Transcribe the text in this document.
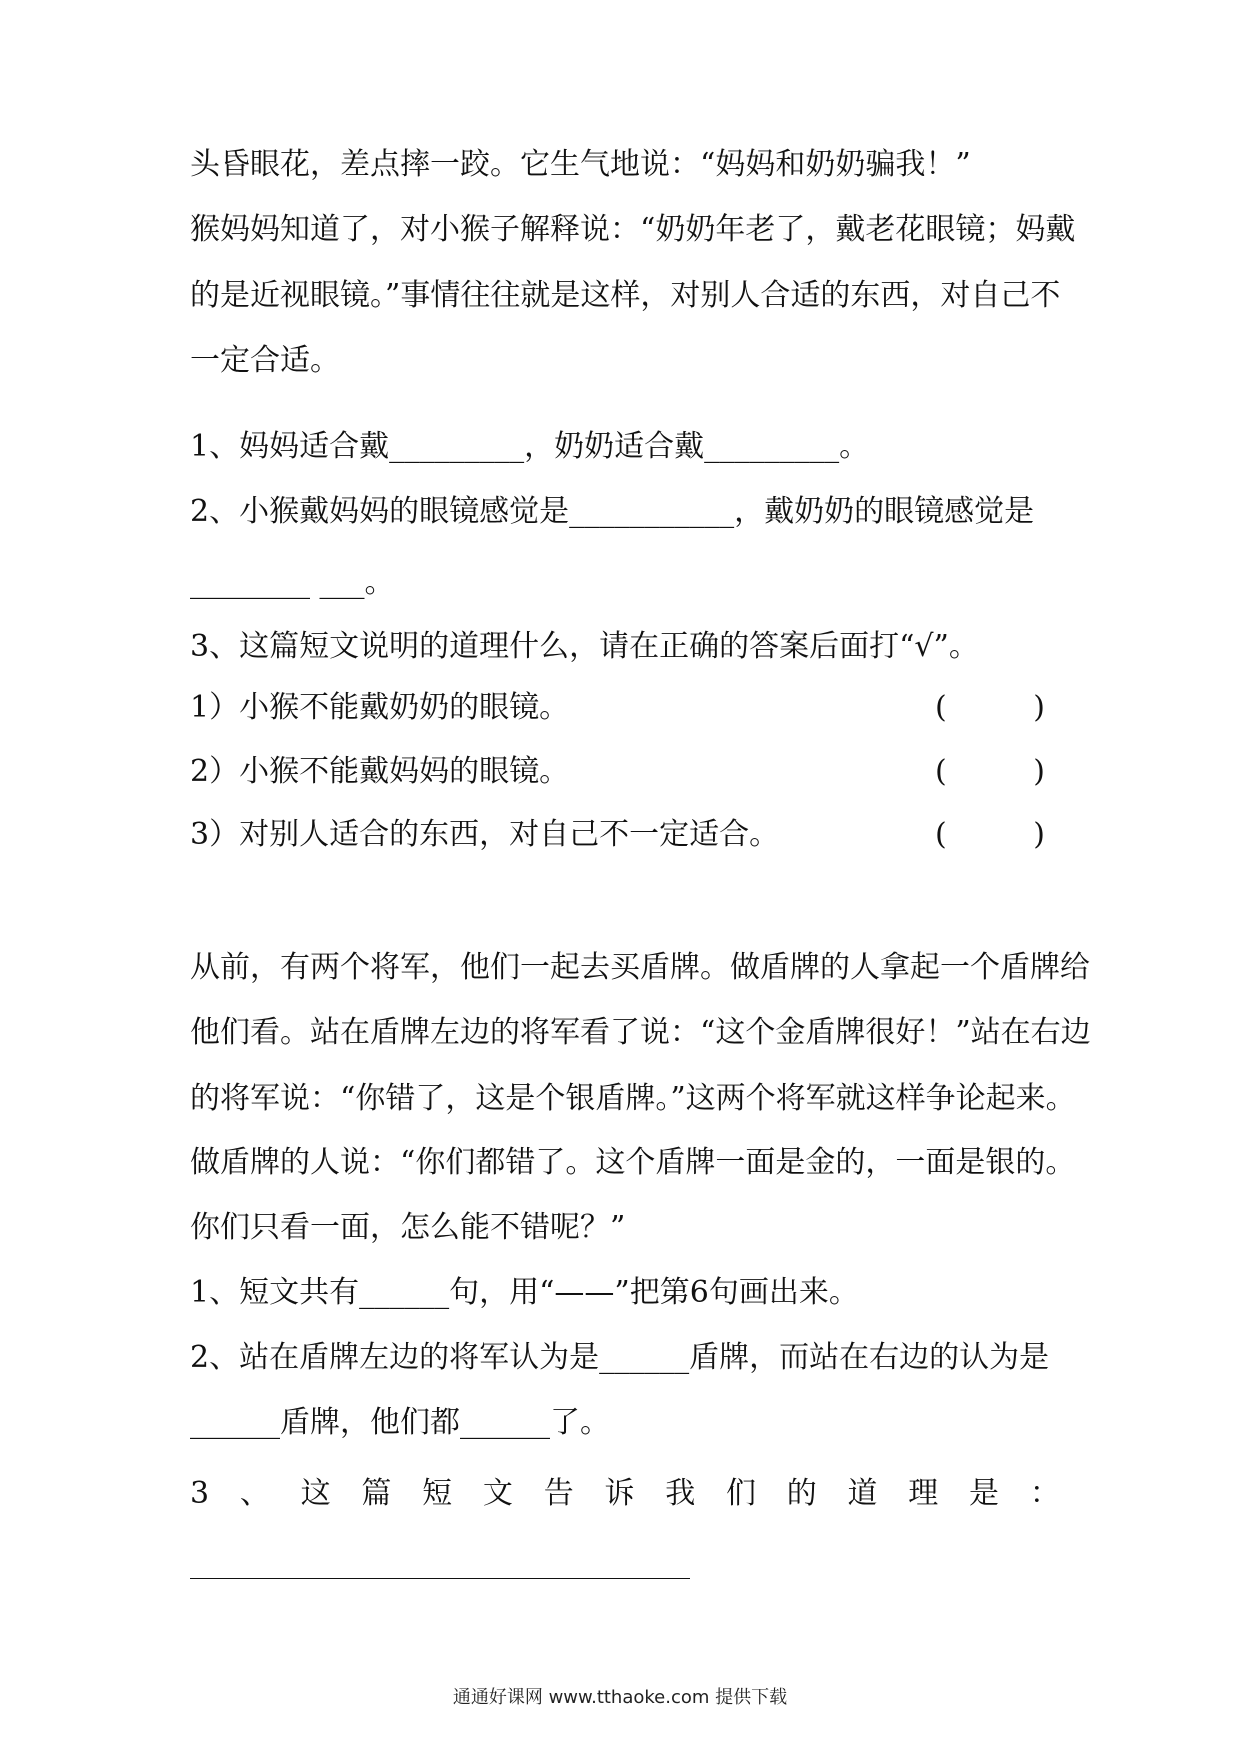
头昏眼花，差点摔一跤。它生气地说：“妈妈和奶奶骗我！”
猴妈妈知道了，对小猴子解释说：“奶奶年老了，戴老花眼镜；妈戴
的是近视眼镜。”事情往往就是这样，对别人合适的东西，对自己不
一定合适。
1、妈妈适合戴_________，奶奶适合戴_________。
2、小猴戴妈妈的眼镜感觉是___________，戴奶奶的眼镜感觉是
________ ___。
3、这篇短文说明的道理什么，请在正确的答案后面打“√”。
1）小猴不能戴奶奶的眼镜。	(	)
2）小猴不能戴妈妈的眼镜。	(	)
3）对别人适合的东西，对自己不一定适合。	(	)
从前，有两个将军，他们一起去买盾牌。做盾牌的人拿起一个盾牌给
他们看。站在盾牌左边的将军看了说：“这个金盾牌很好！”站在右边
的将军说：“你错了，这是个银盾牌。”这两个将军就这样争论起来。
做盾牌的人说：“你们都错了。这个盾牌一面是金的，一面是银的。
你们只看一面，怎么能不错呢？”
1、短文共有______句，用“——”把第6句画出来。
2、站在盾牌左边的将军认为是______盾牌，而站在右边的认为是
______盾牌，他们都______了。
3 、 这 篇 短 文 告 诉 我 们 的 道 理 是 ：
通通好课网 www.tthaoke.com 提供下载
